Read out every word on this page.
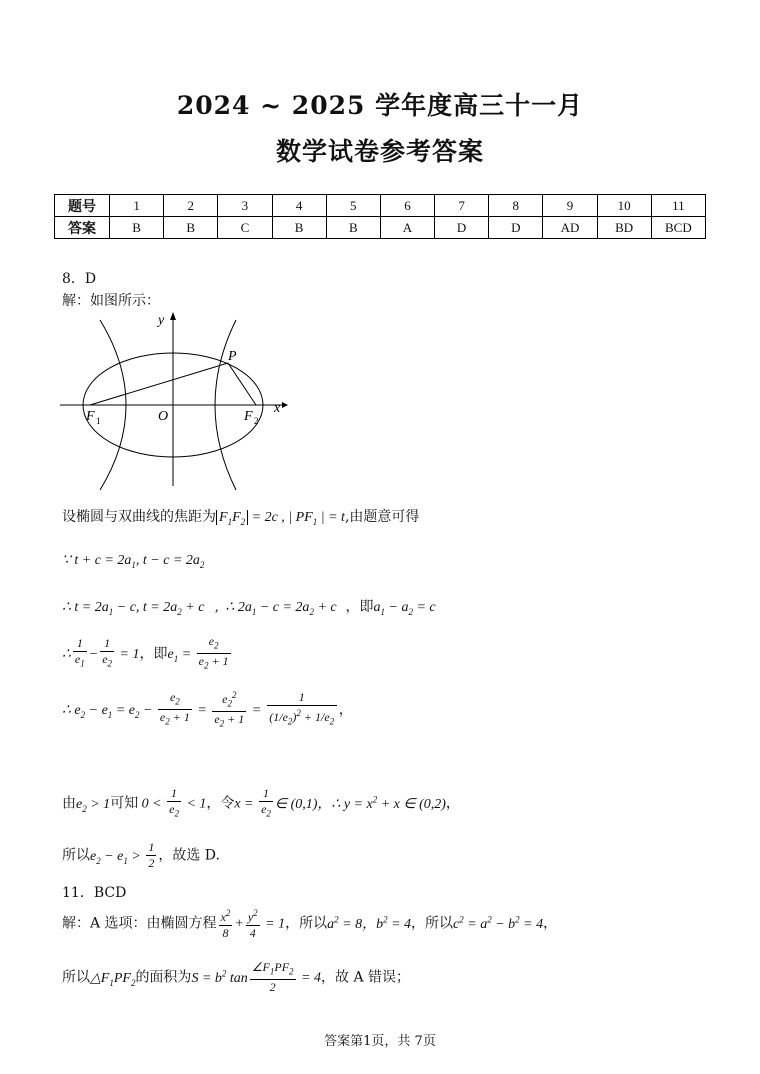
2024 ~ 2025 学年度高三十一月
数学试卷参考答案
题号	1	2	3	4	5	6	7	8	9	10	11
答案	B	B	C	B	B	A	D	D	AD	BD	BCD
8．D
解：如图所示：
y
x
P
F 1	O	F 2
设椭圆与双曲线的焦距为 $F_1F_2 = 2c$ , | $PF_1$ | = t,由题意可得
∵ $t + c = 2a_1$, $t - c = 2a_2$
∴ $t = 2a_1 - c$, $t = 2a_2 + c$   ,  ∴ $2a_1 - c = 2a_2 + c$ ，即$a_1 - a_2 = c$
∴ $\frac{1}{e_1} - \frac{1}{e_2} = 1$，即$e_1 = \frac{e_2}{e_2 + 1}$
∴ $e_2 - e_1 = e_2 - \frac{e_2}{e_2 + 1} = \frac{e_2^2}{e_2 + 1} = \frac{1}{(1/e_2)^2 + 1/e_2}$ ，
由$e_2 > 1$可知 $0 < \frac{1}{e_2} < 1$，令$x = \frac{1}{e_2}$ ∈ (0,1)，∴ $y = x^2 + x$ ∈ (0,2)，
所以$e_2 - e_1 > \frac{1}{2}$ ，故选 D.
11．BCD
解：A 选项：由椭圆方程 $\frac{x^2}{8} + \frac{y^2}{4} = 1$，所以$a^2 = 8$，$b^2 = 4$，所以$c^2 = a^2 - b^2 = 4$，
所以$\triangle F_1PF_2$的面积为$S = b^2$ $\tan \frac{\angle F_1PF_2}{2} = 4$，故 A 错误；
答案第1页，共 7页
